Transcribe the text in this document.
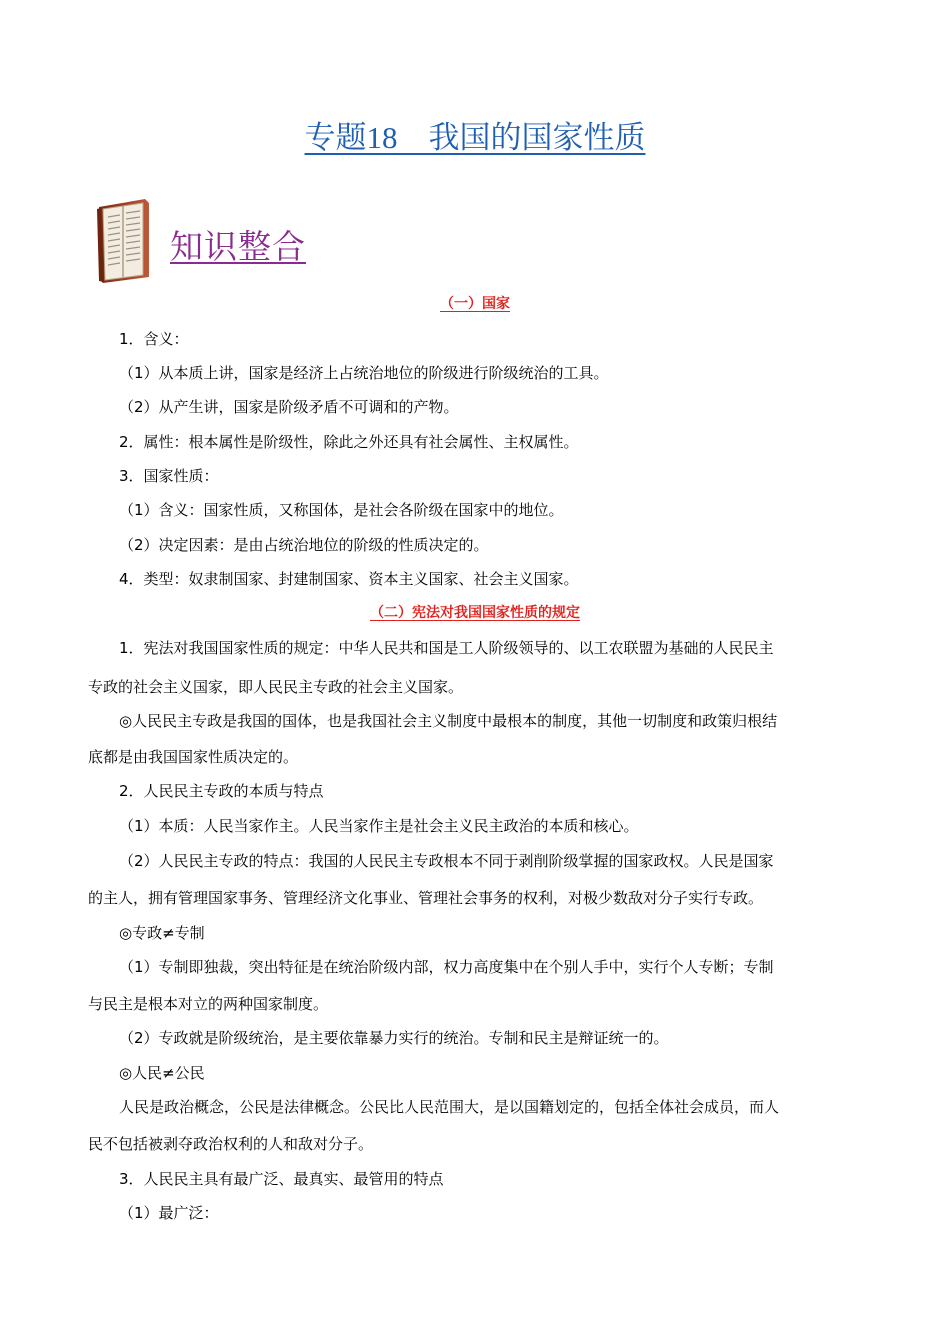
专题18　 我国的国家性质
知识整合
（一）国家
1．含义：
（1）从本质上讲，国家是经济上占统治地位的阶级进行阶级统治的工具。
（2）从产生讲，国家是阶级矛盾不可调和的产物。
2．属性：根本属性是阶级性，除此之外还具有社会属性、主权属性。
3．国家性质：
（1）含义：国家性质，又称国体，是社会各阶级在国家中的地位。
（2）决定因素：是由占统治地位的阶级的性质决定的。
4．类型：奴隶制国家、封建制国家、资本主义国家、社会主义国家。
（二）宪法对我国国家性质的规定
1．宪法对我国国家性质的规定：中华人民共和国是工人阶级领导的、以工农联盟为基础的人民民主
专政的社会主义国家，即人民民主专政的社会主义国家。
◎人民民主专政是我国的国体，也是我国社会主义制度中最根本的制度，其他一切制度和政策归根结
底都是由我国国家性质决定的。
2．人民民主专政的本质与特点
（1）本质：人民当家作主。人民当家作主是社会主义民主政治的本质和核心。
（2）人民民主专政的特点：我国的人民民主专政根本不同于剥削阶级掌握的国家政权。人民是国家
的主人，拥有管理国家事务、管理经济文化事业、管理社会事务的权利，对极少数敌对分子实行专政。
◎专政≠专制
（1）专制即独裁，突出特征是在统治阶级内部，权力高度集中在个别人手中，实行个人专断；专制
与民主是根本对立的两种国家制度。
（2）专政就是阶级统治，是主要依靠暴力实行的统治。专制和民主是辩证统一的。
◎人民≠公民
人民是政治概念，公民是法律概念。公民比人民范围大，是以国籍划定的，包括全体社会成员，而人
民不包括被剥夺政治权利的人和敌对分子。
3．人民民主具有最广泛、最真实、最管用的特点
（1）最广泛：
